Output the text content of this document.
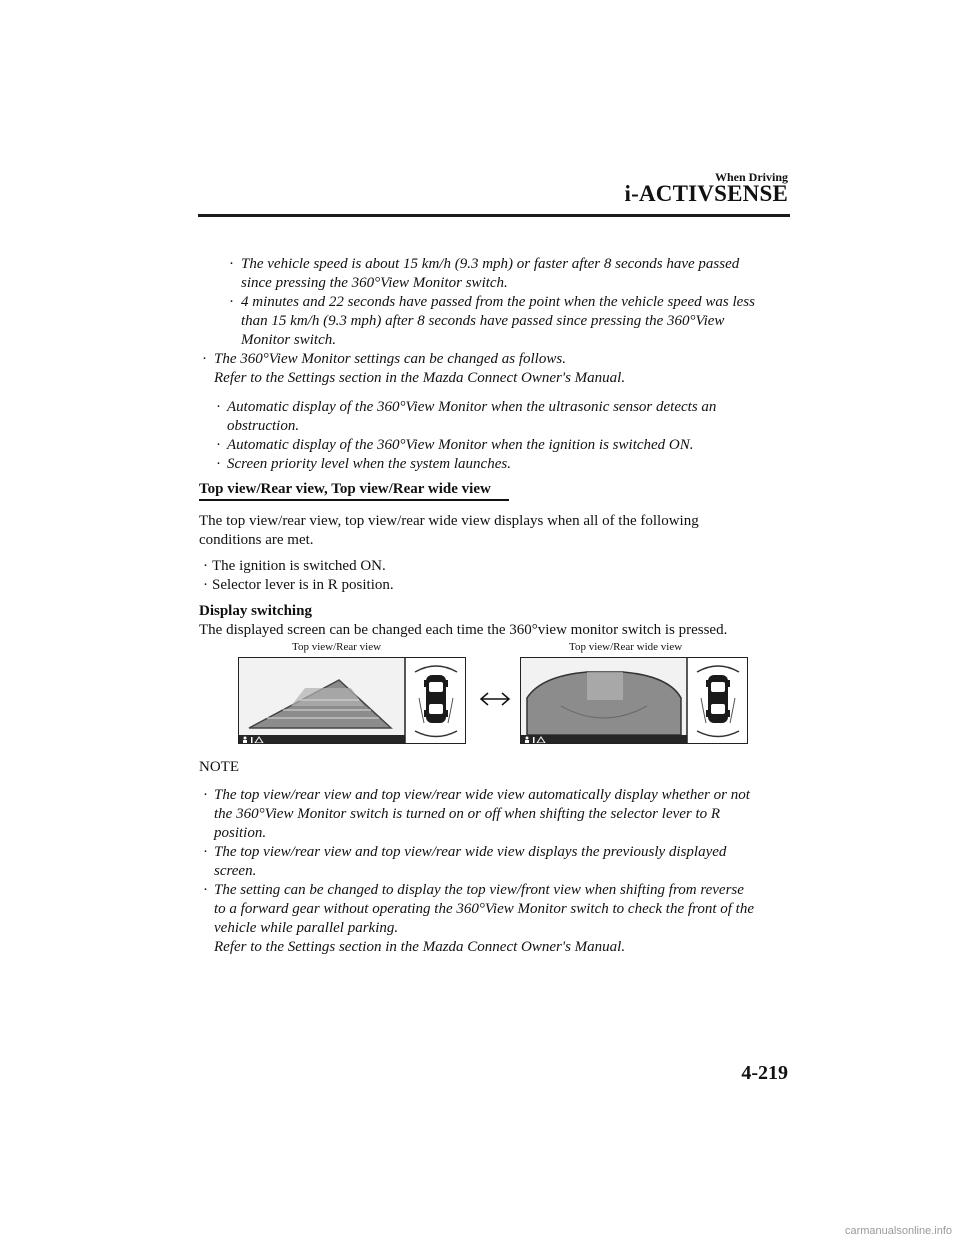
When Driving
i-ACTIVSENSE
· The vehicle speed is about 15 km/h (9.3 mph) or faster after 8 seconds have passed
since pressing the 360°View Monitor switch.
· 4 minutes and 22 seconds have passed from the point when the vehicle speed was less
than 15 km/h (9.3 mph) after 8 seconds have passed since pressing the 360°View
Monitor switch.
· The 360°View Monitor settings can be changed as follows.
Refer to the Settings section in the Mazda Connect Owner's Manual.
· Automatic display of the 360°View Monitor when the ultrasonic sensor detects an
obstruction.
· Automatic display of the 360°View Monitor when the ignition is switched ON.
· Screen priority level when the system launches.
Top view/Rear view, Top view/Rear wide view
The top view/rear view, top view/rear wide view displays when all of the following
conditions are met.
· The ignition is switched ON.
· Selector lever is in R position.
Display switching
The displayed screen can be changed each time the 360°view monitor switch is pressed.
Top view/Rear view	Top view/Rear wide view
NOTE
· The top view/rear view and top view/rear wide view automatically display whether or not
the 360°View Monitor switch is turned on or off when shifting the selector lever to R
position.
· The top view/rear view and top view/rear wide view displays the previously displayed
screen.
· The setting can be changed to display the top view/front view when shifting from reverse
to a forward gear without operating the 360°View Monitor switch to check the front of the
vehicle while parallel parking.
Refer to the Settings section in the Mazda Connect Owner's Manual.
4-219
carmanualsonline.info
